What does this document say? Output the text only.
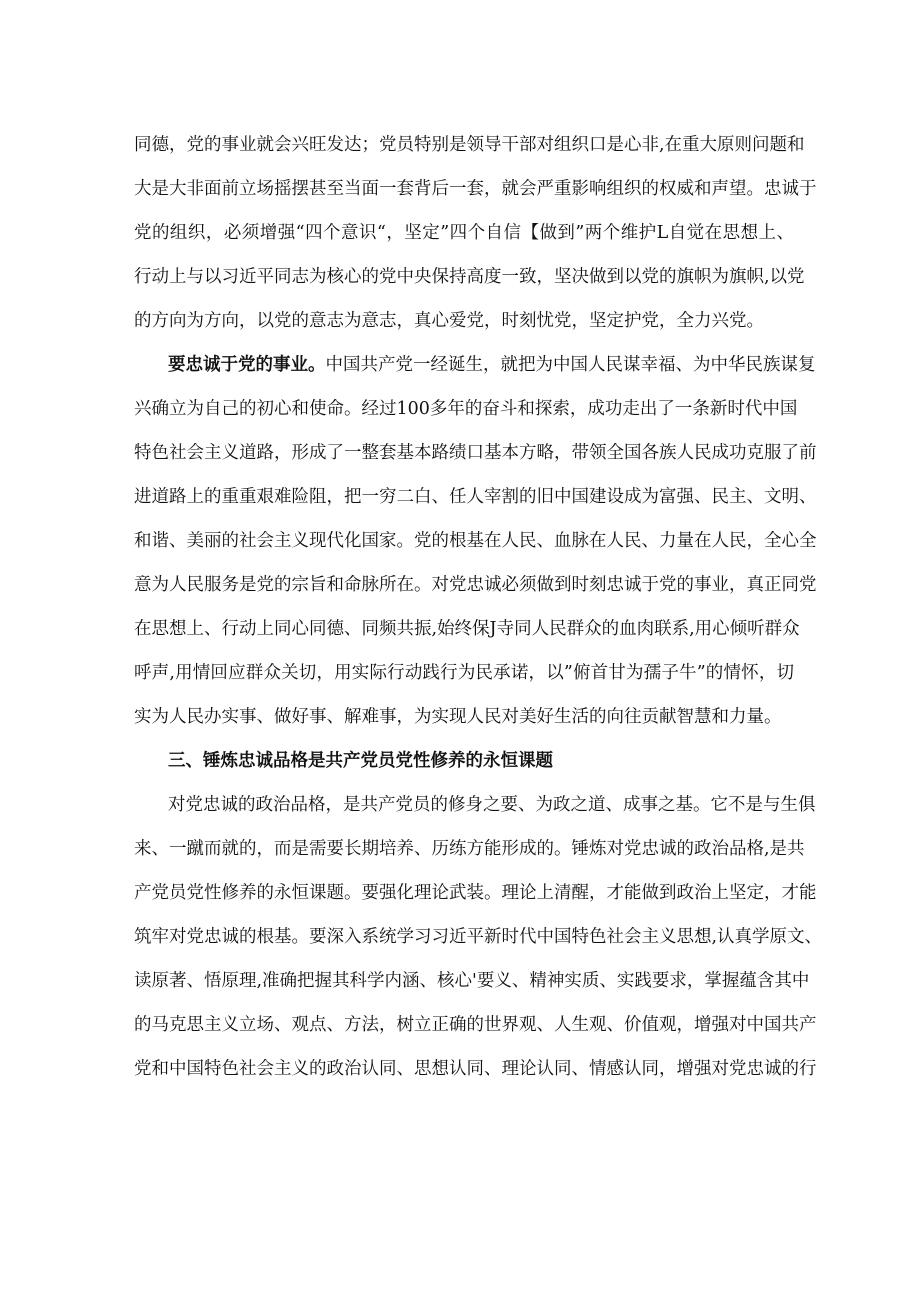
同德，党的事业就会兴旺发达；党员特别是领导干部对组织口是心非,在重大原则问题和
大是大非面前立场摇摆甚至当面一套背后一套，就会严重影响组织的权威和声望。忠诚于
党的组织，必须增强“四个意识“，坚定”四个自信【做到”两个维护L自觉在思想上、
行动上与以习近平同志为核心的党中央保持高度一致，坚决做到以党的旗帜为旗帜,以党
的方向为方向，以党的意志为意志，真心爱党，时刻忧党，坚定护党，全力兴党。
要忠诚于党的事业。中国共产党一经诞生，就把为中国人民谋幸福、为中华民族谋复
兴确立为自己的初心和使命。经过100多年的奋斗和探索，成功走出了一条新时代中国
特色社会主义道路，形成了一整套基本路绩口基本方略，带领全国各族人民成功克服了前
进道路上的重重艰难险阻，把一穷二白、任人宰割的旧中国建设成为富强、民主、文明、
和谐、美丽的社会主义现代化国家。党的根基在人民、血脉在人民、力量在人民，全心全
意为人民服务是党的宗旨和命脉所在。对党忠诚必须做到时刻忠诚于党的事业，真正同党
在思想上、行动上同心同德、同频共振,始终保J寺同人民群众的血肉联系,用心倾听群众
呼声,用情回应群众关切，用实际行动践行为民承诺，以”俯首甘为孺子牛”的情怀，切
实为人民办实事、做好事、解难事，为实现人民对美好生活的向往贡献智慧和力量。
三、锤炼忠诚品格是共产党员党性修养的永恒课题
对党忠诚的政治品格，是共产党员的修身之要、为政之道、成事之基。它不是与生俱
来、一蹴而就的，而是需要长期培养、历练方能形成的。锤炼对党忠诚的政治品格,是共
产党员党性修养的永恒课题。要强化理论武装。理论上清醒，才能做到政治上坚定，才能
筑牢对党忠诚的根基。要深入系统学习习近平新时代中国特色社会主义思想,认真学原文、
读原著、悟原理,准确把握其科学内涵、核心'要义、精神实质、实践要求，掌握蕴含其中
的马克思主义立场、观点、方法，树立正确的世界观、人生观、价值观，增强对中国共产
党和中国特色社会主义的政治认同、思想认同、理论认同、情感认同，增强对党忠诚的行
